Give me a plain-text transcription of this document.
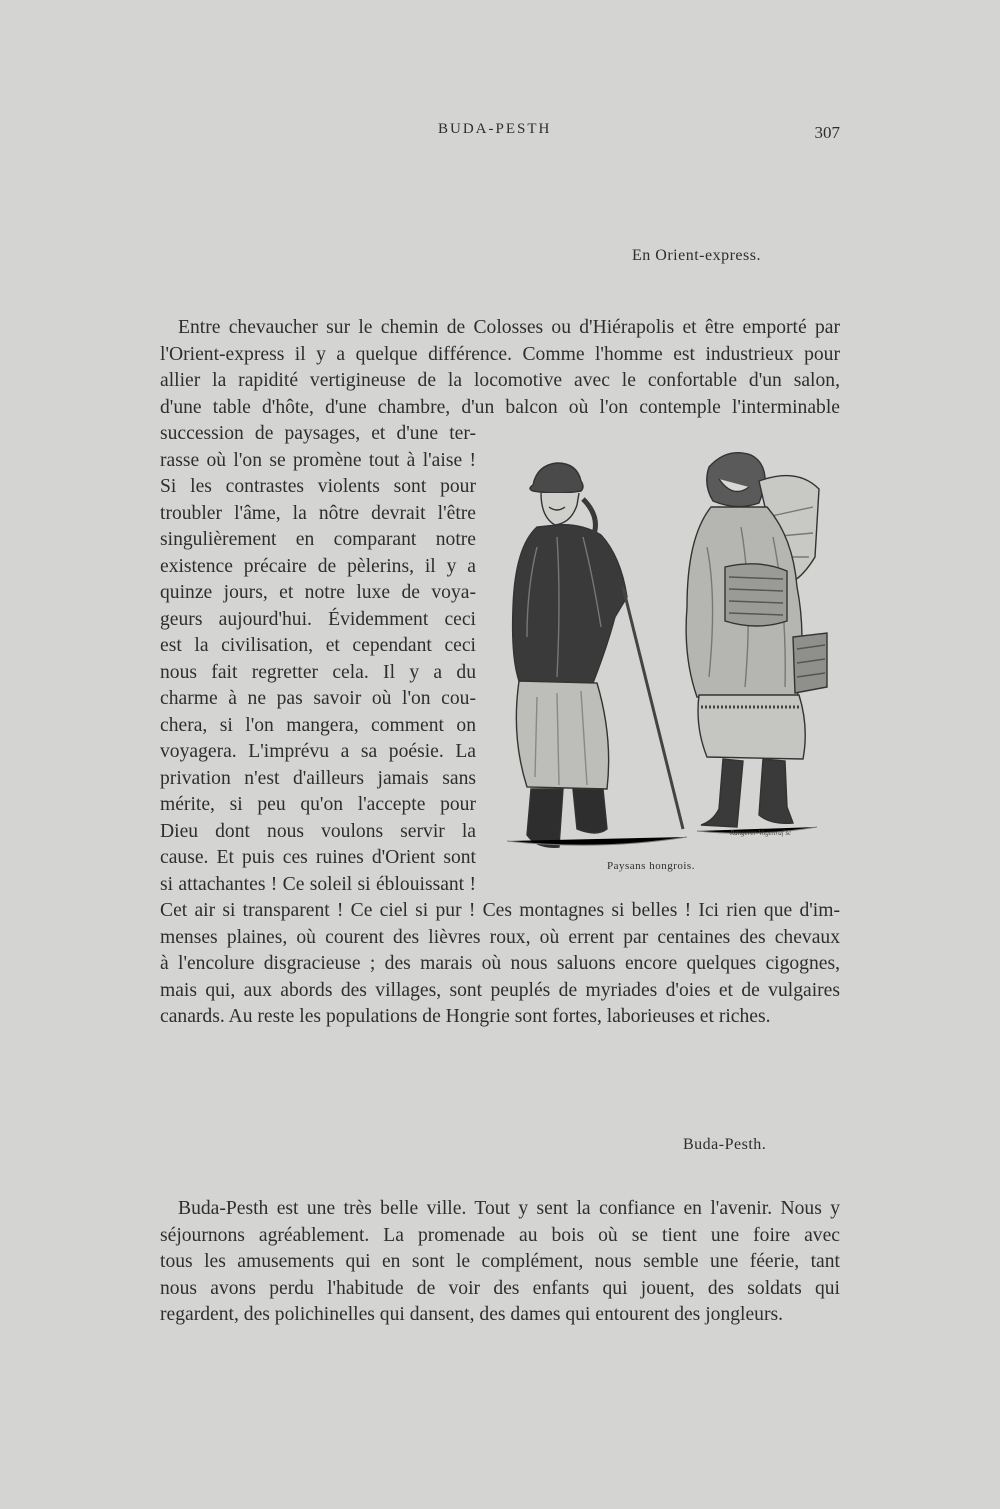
BUDA-PESTH	307
En Orient-express.

Entre chevaucher sur le chemin de Colosses ou d'Hiérapolis et être emporté par
l'Orient-express il y a quelque différence. Comme l'homme est industrieux pour
allier la rapidité vertigineuse de la locomotive avec le confortable d'un salon,
d'une table d'hôte, d'une chambre, d'un balcon où l'on contemple l'interminable
succession de paysages, et d'une ter-
rasse où l'on se promène tout à l'aise !
Si les contrastes violents sont pour
troubler l'âme, la nôtre devrait l'être
singulièrement en comparant notre
existence précaire de pèlerins, il y a
quinze jours, et notre luxe de voya-
geurs aujourd'hui. Évidemment ceci
est la civilisation, et cependant ceci
nous fait regretter cela. Il y a du
charme à ne pas savoir où l'on cou-
chera, si l'on mangera, comment on
voyagera. L'imprévu a sa poésie. La
privation n'est d'ailleurs jamais sans
mérite, si peu qu'on l'accepte pour
Dieu dont nous voulons servir la
cause. Et puis ces ruines d'Orient sont
si attachantes ! Ce soleil si éblouissant !
Cet air si transparent ! Ce ciel si pur ! Ces montagnes si belles ! Ici rien que d'im-
menses plaines, où courent des lièvres roux, où errent par centaines des chevaux
à l'encolure disgracieuse ; des marais où nous saluons encore quelques cigognes,
mais qui, aux abords des villages, sont peuplés de myriades d'oies et de vulgaires
canards. Au reste les populations de Hongrie sont fortes, laborieuses et riches.

Rangerer-Vogenraf sc
Paysans hongrois.
Buda-Pesth.

Buda-Pesth est une très belle ville. Tout y sent la confiance en l'avenir. Nous y
séjournons agréablement. La promenade au bois où se tient une foire avec
tous les amusements qui en sont le complément, nous semble une féerie, tant
nous avons perdu l'habitude de voir des enfants qui jouent, des soldats qui
regardent, des polichinelles qui dansent, des dames qui entourent des jongleurs.
